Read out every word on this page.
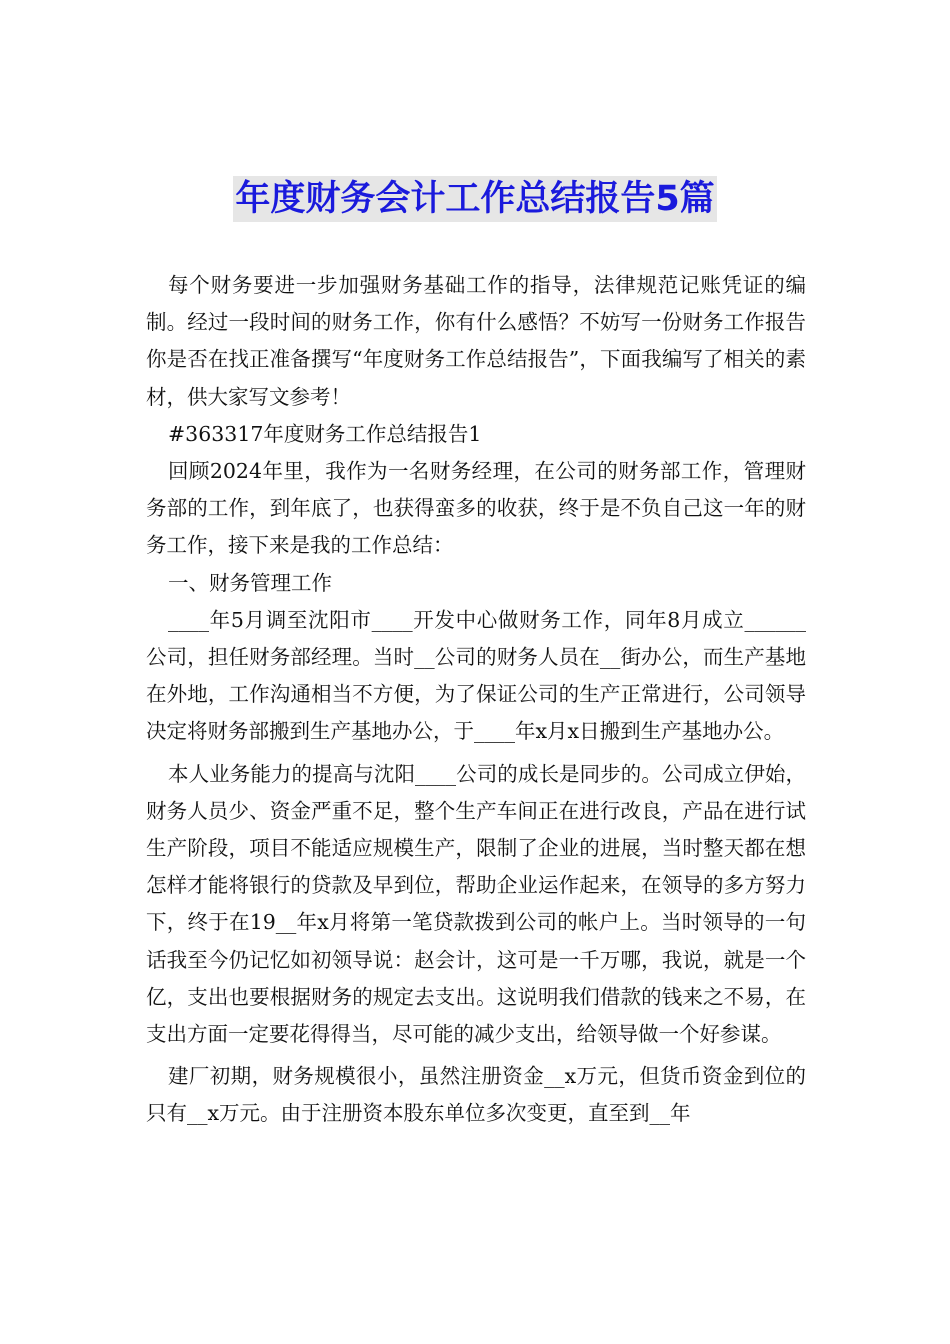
年度财务会计工作总结报告5篇

每个财务要进一步加强财务基础工作的指导，法律规范记账凭证的编制。经过一段时间的财务工作，你有什么感悟？不妨写一份财务工作报告你是否在找正准备撰写“年度财务工作总结报告”，下面我编写了相关的素材，供大家写文参考！

#363317年度财务工作总结报告1

回顾2024年里，我作为一名财务经理，在公司的财务部工作，管理财务部的工作，到年底了，也获得蛮多的收获，终于是不负自己这一年的财务工作，接下来是我的工作总结：

一、财务管理工作

____年5月调至沈阳市____开发中心做财务工作，同年8月成立______公司，担任财务部经理。当时__公司的财务人员在__街办公，而生产基地在外地，工作沟通相当不方便，为了保证公司的生产正常进行，公司领导决定将财务部搬到生产基地办公，于____年x月x日搬到生产基地办公。

本人业务能力的提高与沈阳____公司的成长是同步的。公司成立伊始，财务人员少、资金严重不足，整个生产车间正在进行改良，产品在进行试生产阶段，项目不能适应规模生产，限制了企业的进展，当时整天都在想怎样才能将银行的贷款及早到位，帮助企业运作起来，在领导的多方努力下，终于在19__年x月将第一笔贷款拨到公司的帐户上。当时领导的一句话我至今仍记忆如初领导说：赵会计，这可是一千万哪，我说，就是一个亿，支出也要根据财务的规定去支出。这说明我们借款的钱来之不易，在支出方面一定要花得得当，尽可能的减少支出，给领导做一个好参谋。

建厂初期，财务规模很小，虽然注册资金__x万元，但货币资金到位的只有__x万元。由于注册资本股东单位多次变更，直至到__年
